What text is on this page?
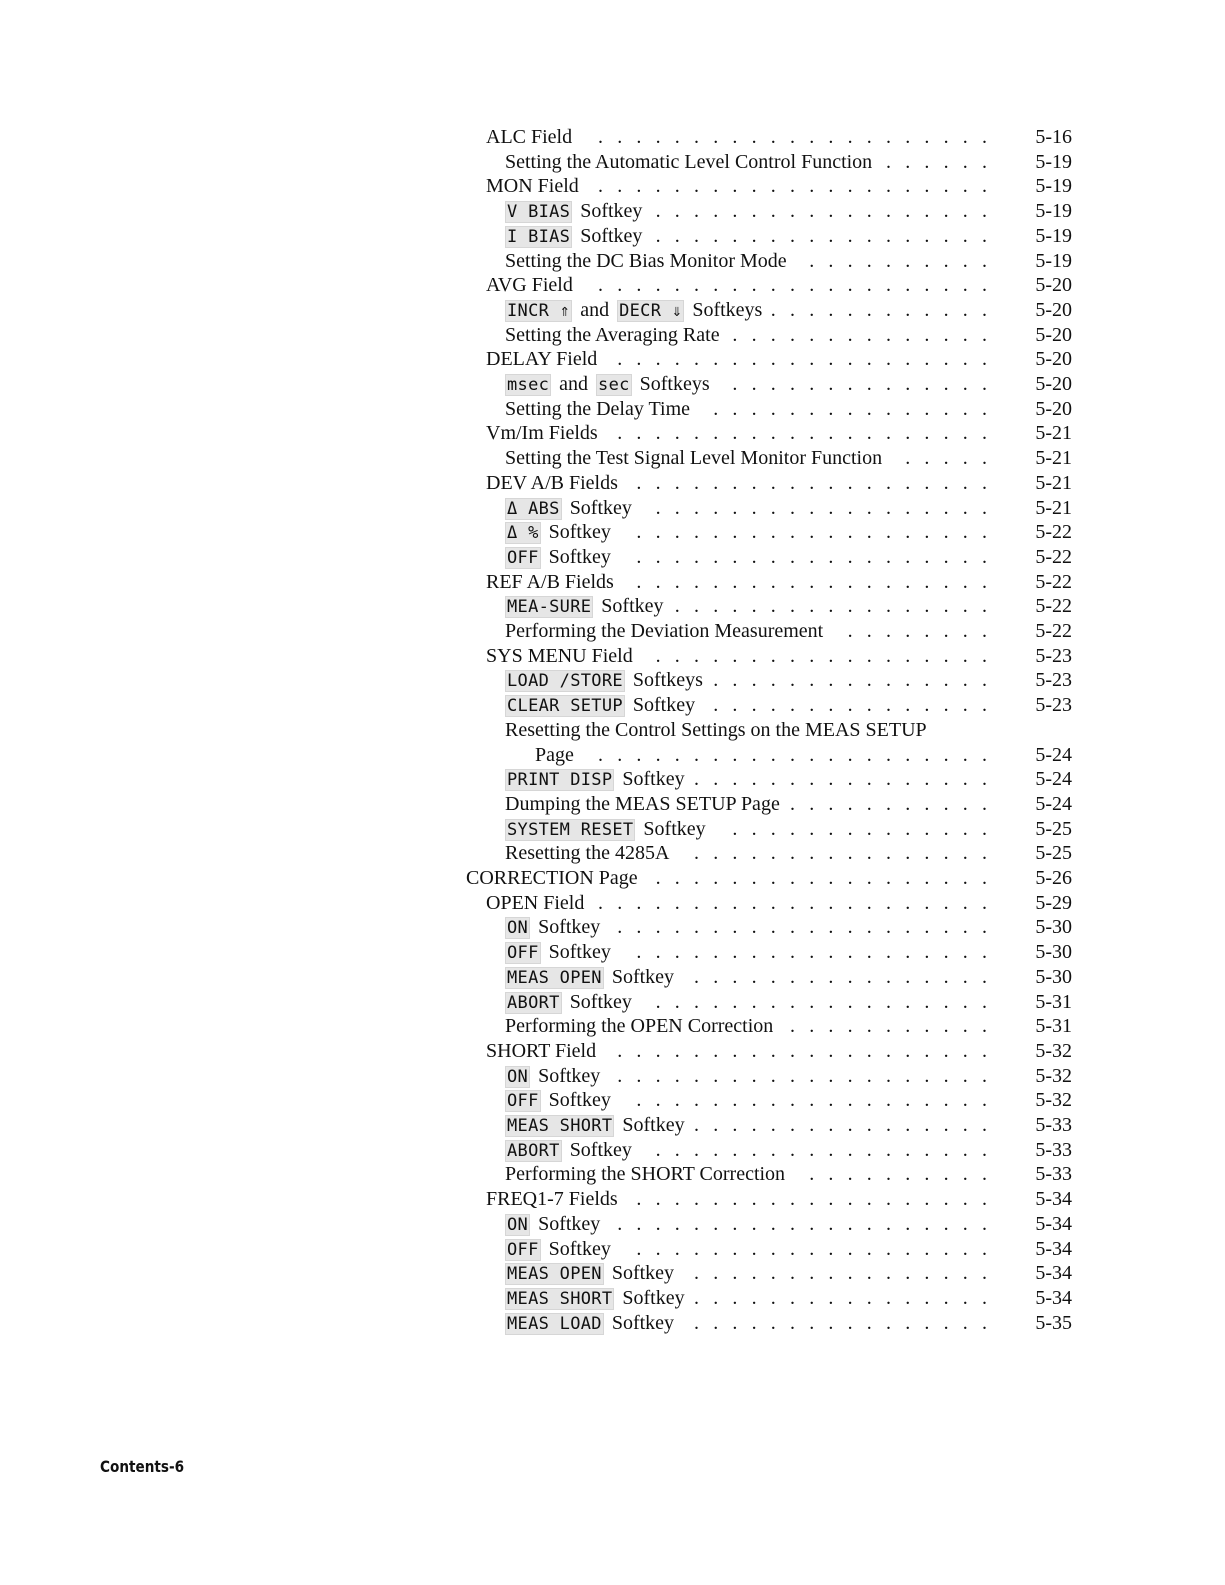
ALC Field	5-16
. . . . . . . . . . . . . . . . . . . . .
Setting the Automatic Level Control Function	5-19
. . . . . .
MON Field	5-19
. . . . . . . . . . . . . . . . . . . . .
V BIAS Softkey	5-19
. . . . . . . . . . . . . . . . . .
I BIAS Softkey	5-19
. . . . . . . . . . . . . . . . . .
Setting the DC Bias Monitor Mode	5-19
. . . . . . . . . .
AVG Field	5-20
. . . . . . . . . . . . . . . . . . . . .
INCR ⇑ and DECR ⇓ Softkeys	5-20
. . . . . . . . . . . .
Setting the Averaging Rate	5-20
. . . . . . . . . . . . . .
DELAY Field	5-20
. . . . . . . . . . . . . . . . . . . .
msec and sec Softkeys	5-20
. . . . . . . . . . . . . .
Setting the Delay Time	5-20
. . . . . . . . . . . . . . .
Vm/Im Fields	5-21
. . . . . . . . . . . . . . . . . . . .
Setting the Test Signal Level Monitor Function	5-21
. . . . .
DEV A/B Fields	5-21
. . . . . . . . . . . . . . . . . . .
Δ ABS Softkey	5-21
. . . . . . . . . . . . . . . . . .
Δ % Softkey	5-22
. . . . . . . . . . . . . . . . . . .
OFF Softkey	5-22
. . . . . . . . . . . . . . . . . . .
REF A/B Fields	5-22
. . . . . . . . . . . . . . . . . . .
MEA-SURE Softkey	5-22
. . . . . . . . . . . . . . . . .
Performing the Deviation Measurement	5-22
. . . . . . . .
SYS MENU Field	5-23
. . . . . . . . . . . . . . . . . .
LOAD /STORE Softkeys	5-23
. . . . . . . . . . . . . . .
CLEAR SETUP Softkey	5-23
. . . . . . . . . . . . . . .
Resetting the Control Settings on the MEAS SETUP
Page	5-24
. . . . . . . . . . . . . . . . . . . . .
PRINT DISP Softkey	5-24
. . . . . . . . . . . . . . . .
Dumping the MEAS SETUP Page	5-24
. . . . . . . . . . .
SYSTEM RESET Softkey	5-25
. . . . . . . . . . . . . .
Resetting the 4285A	5-25
. . . . . . . . . . . . . . . .
CORRECTION Page	5-26
. . . . . . . . . . . . . . . . . .
OPEN Field	5-29
. . . . . . . . . . . . . . . . . . . . .
ON Softkey	5-30
. . . . . . . . . . . . . . . . . . . .
OFF Softkey	5-30
. . . . . . . . . . . . . . . . . . .
MEAS OPEN Softkey	5-30
. . . . . . . . . . . . . . . .
ABORT Softkey	5-31
. . . . . . . . . . . . . . . . . .
Performing the OPEN Correction	5-31
. . . . . . . . . . .
SHORT Field	5-32
. . . . . . . . . . . . . . . . . . . .
ON Softkey	5-32
. . . . . . . . . . . . . . . . . . . .
OFF Softkey	5-32
. . . . . . . . . . . . . . . . . . .
MEAS SHORT Softkey	5-33
. . . . . . . . . . . . . . . .
ABORT Softkey	5-33
. . . . . . . . . . . . . . . . . .
Performing the SHORT Correction	5-33
. . . . . . . . . .
FREQ1-7 Fields	5-34
. . . . . . . . . . . . . . . . . . .
ON Softkey	5-34
. . . . . . . . . . . . . . . . . . . .
OFF Softkey	5-34
. . . . . . . . . . . . . . . . . . .
MEAS OPEN Softkey	5-34
. . . . . . . . . . . . . . . .
MEAS SHORT Softkey	5-34
. . . . . . . . . . . . . . . .
MEAS LOAD Softkey	5-35
. . . . . . . . . . . . . . . .
Contents-6
